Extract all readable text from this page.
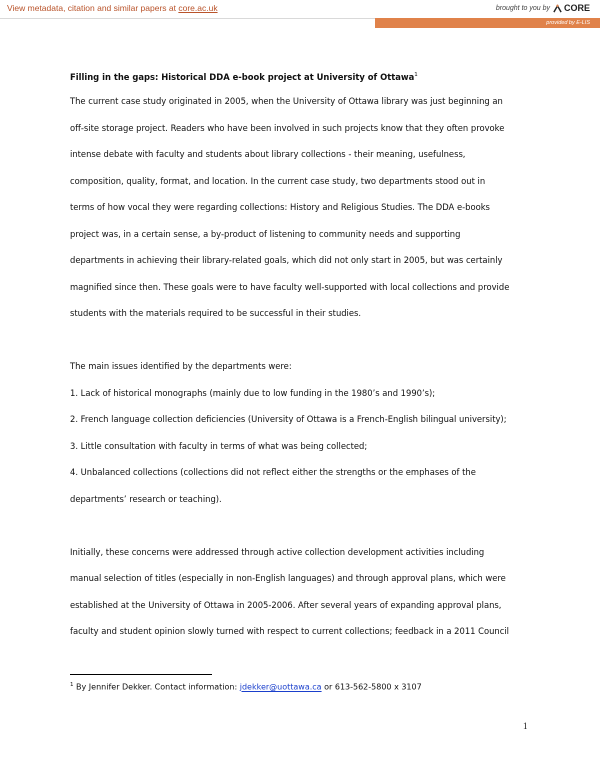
View metadata, citation and similar papers at core.ac.uk	brought to you by CORE
provided by E-LIS
Filling in the gaps: Historical DDA e-book project at University of Ottawa$^1$
The current case study originated in 2005, when the University of Ottawa library was just beginning an
off-site storage project. Readers who have been involved in such projects know that they often provoke
intense debate with faculty and students about library collections - their meaning, usefulness,
composition, quality, format, and location. In the current case study, two departments stood out in
terms of how vocal they were regarding collections: History and Religious Studies. The DDA e-books
project was, in a certain sense, a by-product of listening to community needs and supporting
departments in achieving their library-related goals, which did not only start in 2005, but was certainly
magnified since then. These goals were to have faculty well-supported with local collections and provide
students with the materials required to be successful in their studies.
The main issues identified by the departments were:
1. Lack of historical monographs (mainly due to low funding in the 1980’s and 1990’s);
2. French language collection deficiencies (University of Ottawa is a French-English bilingual university);
3. Little consultation with faculty in terms of what was being collected;
4. Unbalanced collections (collections did not reflect either the strengths or the emphases of the
departments’ research or teaching).
Initially, these concerns were addressed through active collection development activities including
manual selection of titles (especially in non-English languages) and through approval plans, which were
established at the University of Ottawa in 2005-2006. After several years of expanding approval plans,
faculty and student opinion slowly turned with respect to current collections; feedback in a 2011 Council
$^1$ By Jennifer Dekker. Contact information: jdekker@uottawa.ca or 613-562-5800 x 3107
1
